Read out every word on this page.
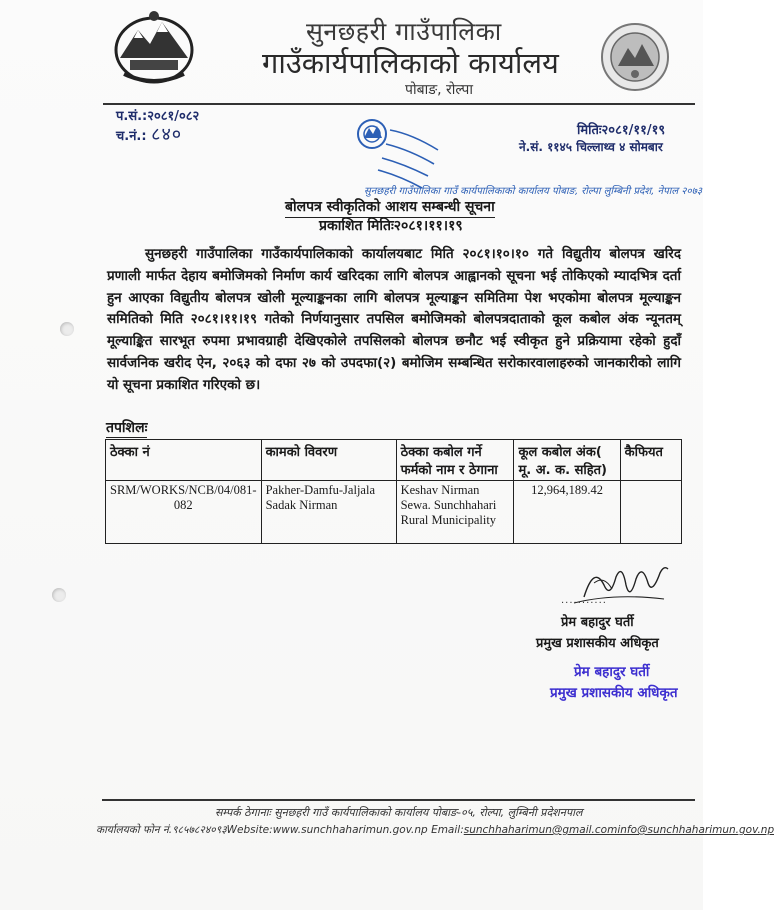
सुनछहरी गाउँपालिका
गाउँकार्यपालिकाको कार्यालय
पोबाङ, रोल्पा
प.सं.:२०८१/०८२
च.नं.: ८४०	मितिः२०८१/११/१९
ने.सं. ११४५ चिल्लाथ्व ४ सोमबार
सुनछहरी गाउँपालिका गाउँ कार्यपालिकाको कार्यालय पोबाङ, रोल्पा लुम्बिनी प्रदेश, नेपाल २०७३
बोलपत्र स्वीकृतिको आशय सम्बन्धी सूचना
प्रकाशित मितिः२०८१।११।१९
सुनछहरी गाउँपालिका गाउँकार्यपालिकाको कार्यालयबाट मिति २०८१।१०।१० गते विद्युतीय बोलपत्र खरिद प्रणाली मार्फत देहाय बमोजिमको निर्माण कार्य खरिदका लागि बोलपत्र आह्वानको सूचना भई तोकिएको म्यादभित्र दर्ता हुन आएका विद्युतीय बोलपत्र खोली मूल्याङ्कनका लागि बोलपत्र मूल्याङ्कन समितिमा पेश भएकोमा बोलपत्र मूल्याङ्कन समितिको मिति २०८१।११।१९ गतेको निर्णयानुसार तपसिल बमोजिमको बोलपत्रदाताको कूल कबोल अंक न्यूनतम् मूल्याङ्कित सारभूत रुपमा प्रभावग्राही देखिएकोले तपसिलको बोलपत्र छनौट भई स्वीकृत हुने प्रक्रियामा रहेको हुदाँ सार्वजनिक खरीद ऐन, २०६३ को दफा २७ को उपदफा(२) बमोजिम सम्बन्धित सरोकारवालाहरुको जानकारीको लागि यो सूचना प्रकाशित गरिएको छ।
तपशिलः
ठेक्का नं	कामको विवरण	ठेक्का कबोल गर्ने फर्मको नाम र ठेगाना	कूल कबोल अंक( मू. अ. क. सहित)	कैफियत
SRM/WORKS/NCB/04/081-082	Pakher-Damfu-Jaljala Sadak Nirman	Keshav Nirman Sewa. Sunchhahari Rural Municipality	12,964,189.42	
...........
प्रेम बहादुर घर्ती
प्रमुख प्रशासकीय अधिकृत
प्रेम बहादुर घर्ती
प्रमुख प्रशासकीय अधिकृत
सम्पर्क ठेगानाः सुनछहरी गाउँ कार्यपालिकाको कार्यालय पोबाङ-०५, रोल्पा, लुम्बिनी प्रदेशनपाल
कार्यालयको फोन नं.९८५७८२४०९३Website:www.sunchhaharimun.gov.np Email:sunchhaharimun@gmail.cominfo@sunchhaharimun.gov.np
